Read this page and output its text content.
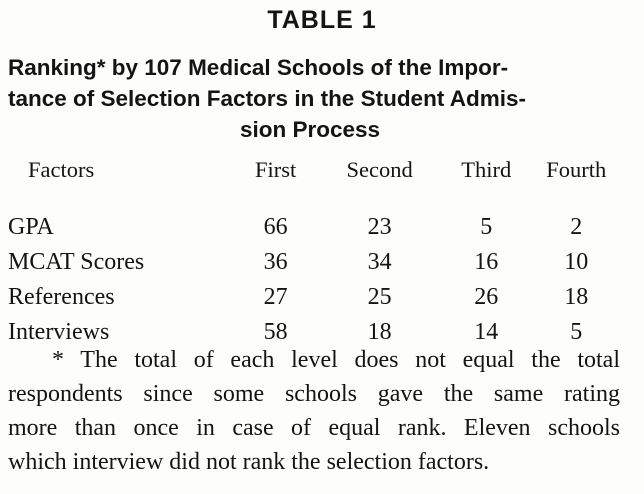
TABLE 1
Ranking* by 107 Medical Schools of the Impor-
tance of Selection Factors in the Student Admis-
sion Process
Factors	First	Second	Third	Fourth
GPA	66	23	5	2
MCAT Scores	36	34	16	10
References	27	25	26	18
Interviews	58	18	14	5
* The total of each level does not equal the total
respondents since some schools gave the same rating
more than once in case of equal rank. Eleven schools
which interview did not rank the selection factors.
